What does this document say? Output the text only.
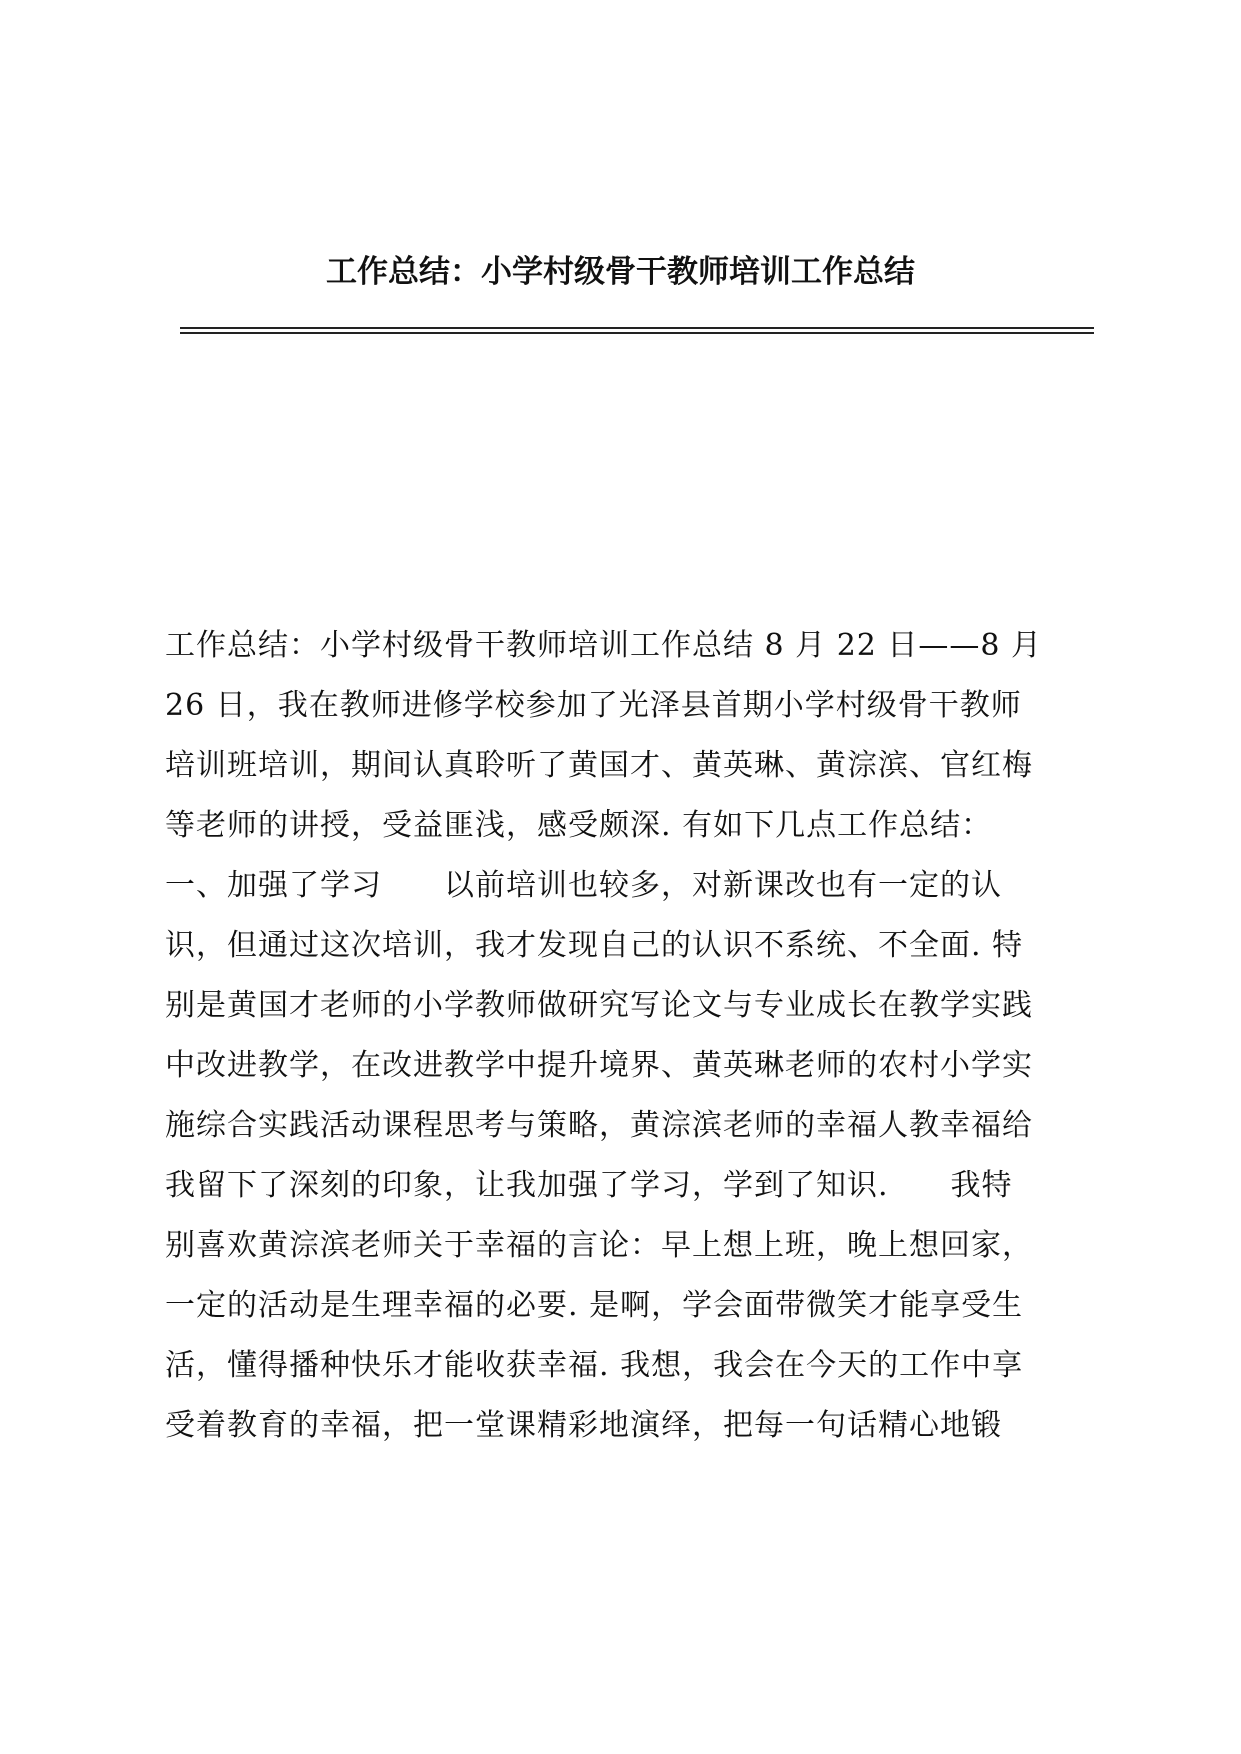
工作总结：小学村级骨干教师培训工作总结
工作总结：小学村级骨干教师培训工作总结 8 月 22 日——8 月
26 日，我在教师进修学校参加了光泽县首期小学村级骨干教师
培训班培训，期间认真聆听了黄国才、黄英琳、黄淙滨、官红梅
等老师的讲授，受益匪浅，感受颇深. 有如下几点工作总结：
一、加强了学习　　以前培训也较多，对新课改也有一定的认
识，但通过这次培训，我才发现自己的认识不系统、不全面. 特
别是黄国才老师的小学教师做研究写论文与专业成长在教学实践
中改进教学，在改进教学中提升境界、黄英琳老师的农村小学实
施综合实践活动课程思考与策略，黄淙滨老师的幸福人教幸福给
我留下了深刻的印象，让我加强了学习，学到了知识.　　我特
别喜欢黄淙滨老师关于幸福的言论：早上想上班，晚上想回家，
一定的活动是生理幸福的必要. 是啊，学会面带微笑才能享受生
活，懂得播种快乐才能收获幸福. 我想，我会在今天的工作中享
受着教育的幸福，把一堂课精彩地演绎，把每一句话精心地锻
